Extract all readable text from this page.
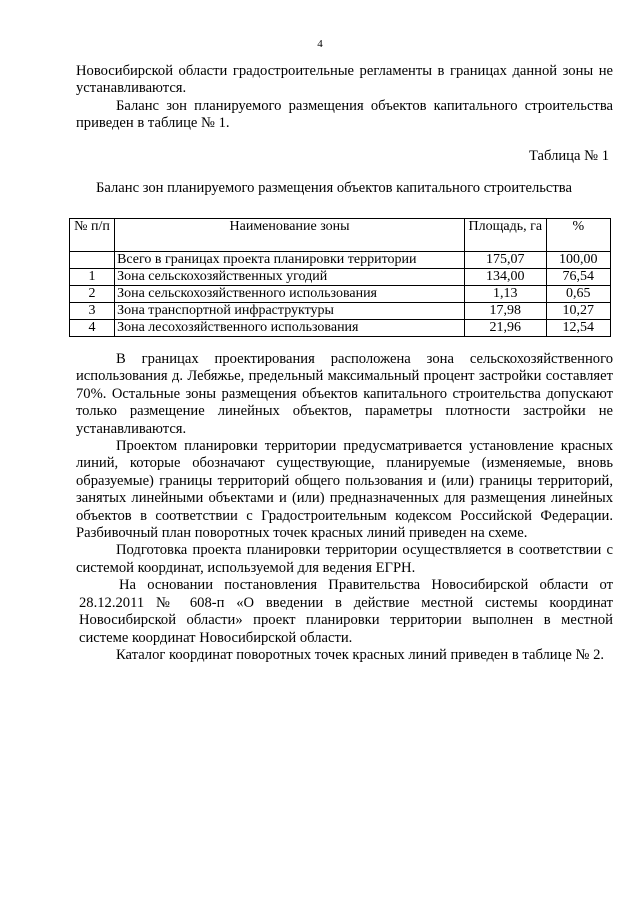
4

Новосибирской области градостроительные регламенты в границах данной зоны не устанавливаются.

Баланс зон планируемого размещения объектов капитального строительства приведен в таблице № 1.

Таблица № 1
Баланс зон планируемого размещения объектов капитального строительства
№ п/п	Наименование зоны	Площадь, га	%
	Всего в границах проекта планировки территории	175,07	100,00
1	Зона сельскохозяйственных угодий	134,00	76,54
2	Зона сельскохозяйственного использования	1,13	0,65
3	Зона транспортной инфраструктуры	17,98	10,27
4	Зона лесохозяйственного использования	21,96	12,54

В границах проектирования расположена зона сельскохозяйственного использования д. Лебяжье, предельный максимальный процент застройки составляет 70%. Остальные зоны размещения объектов капитального строительства допускают только размещение линейных объектов, параметры плотности застройки не устанавливаются.

Проектом планировки территории предусматривается установление красных линий, которые обозначают существующие, планируемые (изменяемые, вновь образуемые) границы территорий общего пользования и (или) границы территорий, занятых линейными объектами и (или) предназначенных для размещения линейных объектов в соответствии с Градостроительным кодексом Российской Федерации. Разбивочный план поворотных точек красных линий приведен на схеме.

Подготовка проекта планировки территории осуществляется в соответствии с системой координат, используемой для ведения ЕГРН.

На основании постановления Правительства Новосибирской области от 28.12.2011 № 608-п «О введении в действие местной системы координат Новосибирской области» проект планировки территории выполнен в местной системе координат Новосибирской области.

Каталог координат поворотных точек красных линий приведен в таблице № 2.
